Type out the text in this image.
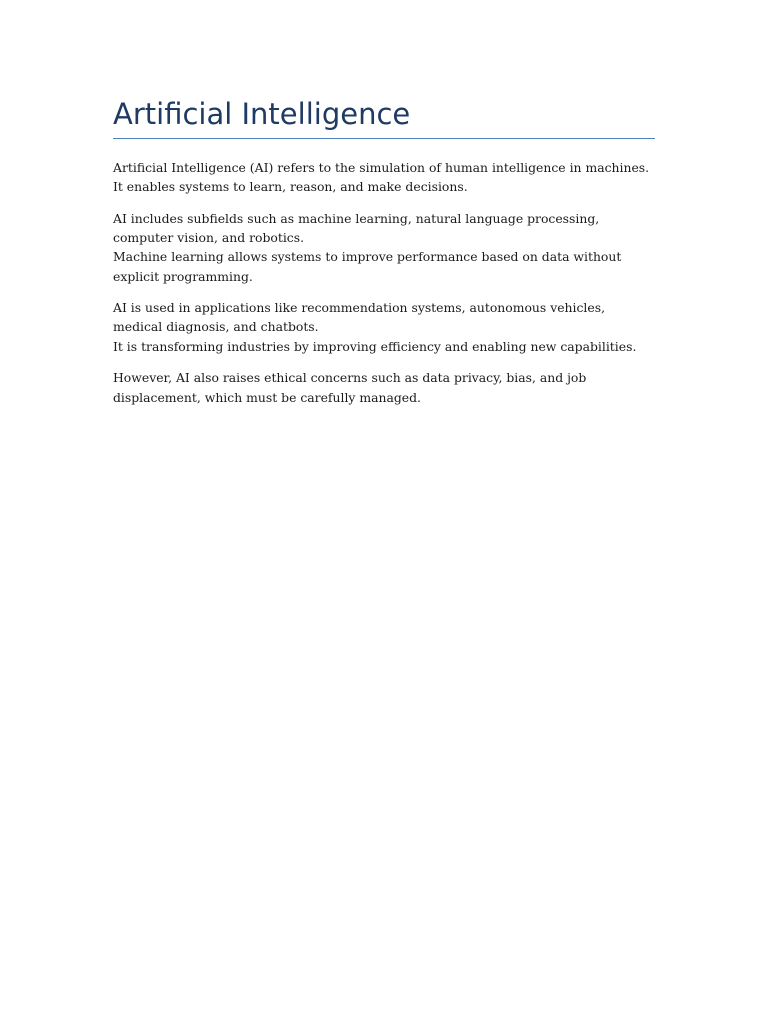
Artificial Intelligence

Artificial Intelligence (AI) refers to the simulation of human intelligence in machines.
It enables systems to learn, reason, and make decisions.

AI includes subfields such as machine learning, natural language processing, computer vision, and robotics.
Machine learning allows systems to improve performance based on data without explicit programming.

AI is used in applications like recommendation systems, autonomous vehicles, medical diagnosis, and chatbots.
It is transforming industries by improving efficiency and enabling new capabilities.

However, AI also raises ethical concerns such as data privacy, bias, and job displacement, which must be carefully managed.
